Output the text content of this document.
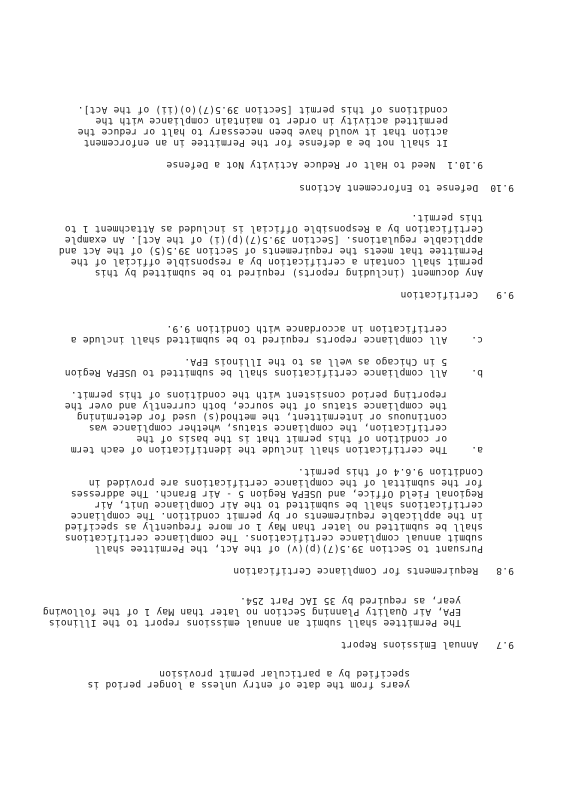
years from the date of entry unless a longer period is
specified by a particular permit provision
9.7   Annual Emissions Report
The Permittee shall submit an annual emissions report to the Illinois
EPA, Air Quality Planning Section no later than May 1 of the following
year, as required by 35 IAC Part 254.
9.8   Requirements for Compliance Certification
Pursuant to Section 39.5(7)(p)(v) of the Act, the Permittee shall
submit annual compliance certifications. The compliance certifications
shall be submitted no later than May 1 or more frequently as specified
in the applicable requirements or by permit condition. The compliance
certifications shall be submitted to the Air Compliance Unit, Air
Regional Field Office, and USEPA Region 5 - Air Branch. The addresses
for the submittal of the compliance certifications are provided in
Condition 9.6.4 of this permit.
a.    The certification shall include the identification of each term
or condition of this permit that is the basis of the
certification, the compliance status, whether compliance was
continuous or intermittent, the method(s) used for determining
the compliance status of the source, both currently and over the
reporting period consistent with the conditions of this permit.
b.    All compliance certifications shall be submitted to USEPA Region
5 in Chicago as well as to the Illinois EPA.
c.    All compliance reports required to be submitted shall include a
certification in accordance with Condition 9.9.
9.9   Certification
Any document (including reports) required to be submitted by this
permit shall contain a certification by a responsible official of the
Permittee that meets the requirements of Section 39.5(5) of the Act and
applicable regulations. [Section 39.5(7)(p)(i) of the Act]. An example
Certification by a Responsible Official is included as Attachment 1 to
this permit.
9.10  Defense to Enforcement Actions
9.10.1  Need to Halt or Reduce Activity Not a Defense
It shall not be a defense for the Permittee in an enforcement
action that it would have been necessary to halt or reduce the
permitted activity in order to maintain compliance with the
conditions of this permit [Section 39.5(7)(o)(ii) of the Act].
